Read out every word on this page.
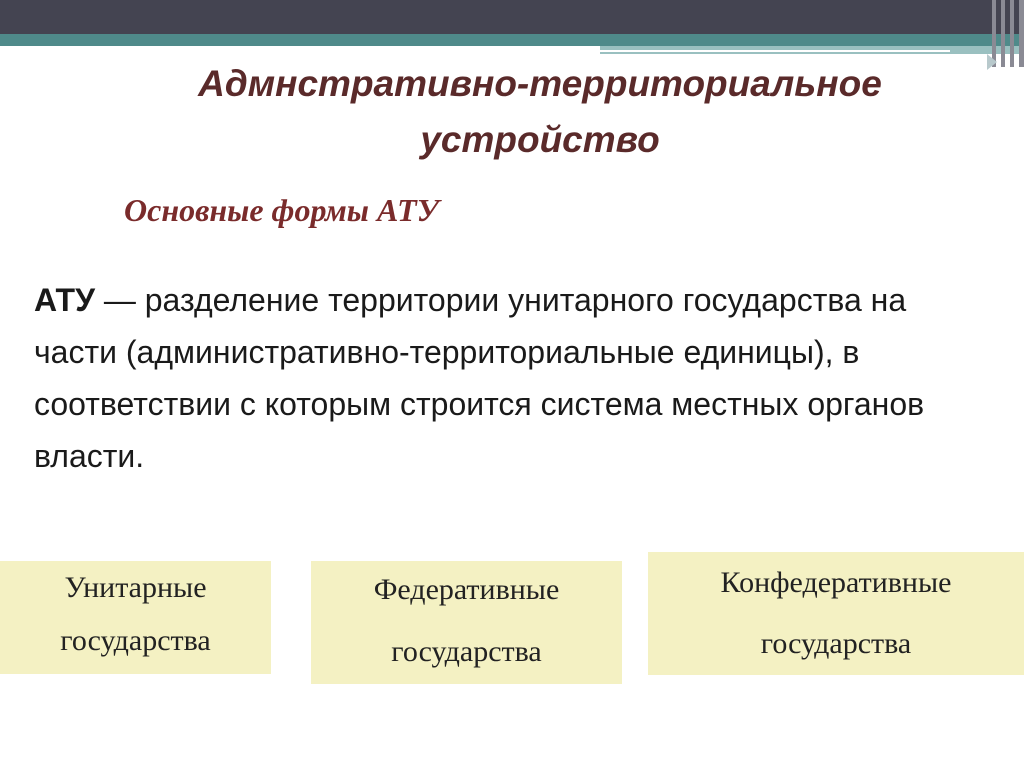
Адмнстративно-территориальное
устройство
Основные формы АТУ
АТУ — разделение территории унитарного государства на части (административно-территориальные единицы), в соответствии с которым строится система местных органов власти.
Унитарные
государства
Федеративные
государства
Конфедеративные
государства
